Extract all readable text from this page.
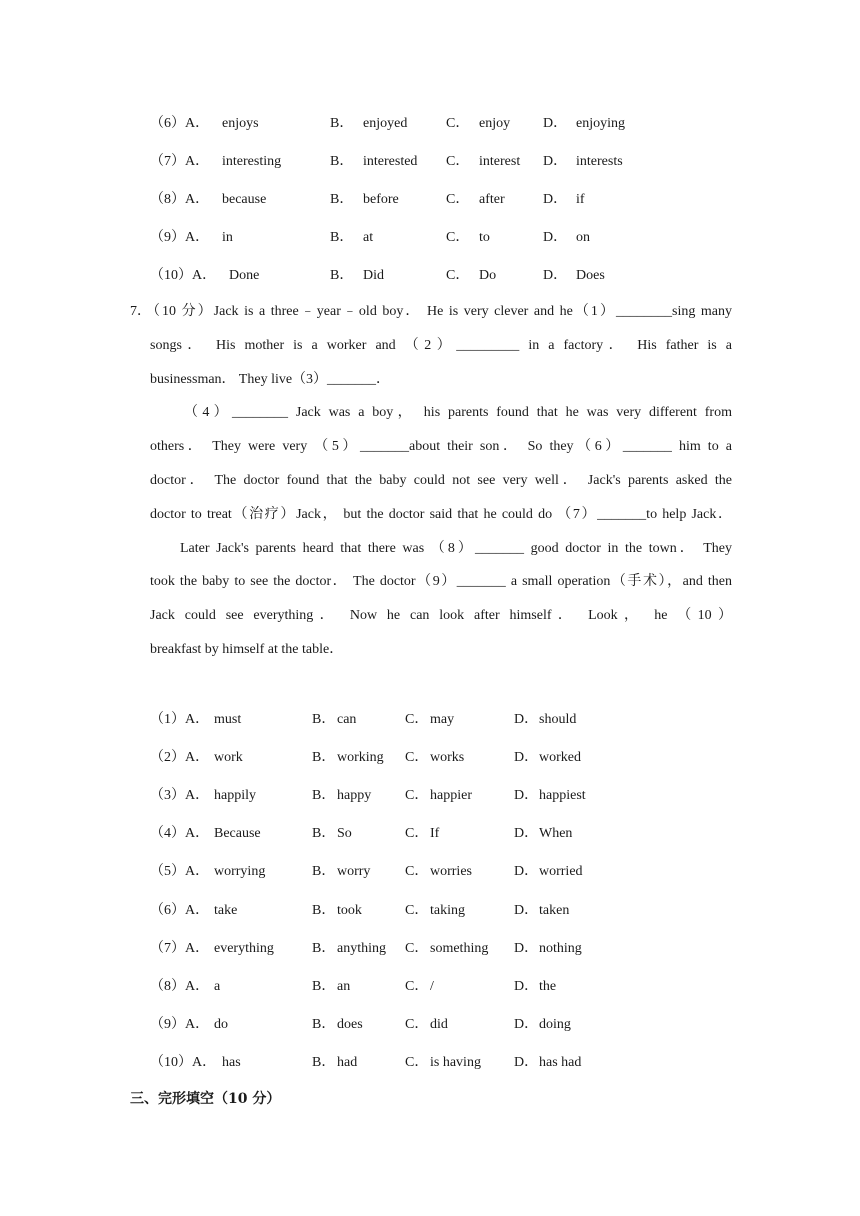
（6）A． enjoys	B． enjoyed	C． enjoy D． enjoying
（7）A． interesting	B． interested C． interest D． interests
（8）A． because	B． before	C． after	D． if
（9）A． in	B． at	C． to	D． on
（10）A． Done	B． Did	C． Do	D． Does
7．
（10 分）Jack is a three﹣year﹣old boy． He is very clever and he（1）________sing many
songs． His mother is a worker and （2）_________ in a factory． His father is a
businessman． They live（3）_______．
（4）________ Jack was a boy， his parents found that he was very different from
others． They were very （5）_______about their son． So they（6）_______ him to a
doctor． The doctor found that the baby could not see very well． Jack's parents asked the
doctor to treat（治疗）Jack， but the doctor said that he could do （7）_______to help Jack．
Later Jack's parents heard that there was （8）_______ good doctor in the town． They
took the baby to see the doctor． The doctor（9）_______ a small operation（手术），and then
Jack could see everything． Now he can look after himself． Look， he （10）
breakfast by himself at the table．
（1）A． must	B． can	C． may	D． should
（2）A． work	B． working C． works	D． worked
（3）A． happily	B． happy C． happier	D． happiest
（4）A． Because	B． So	C． If	D． When
（5）A． worrying	B． worry C． worries	D． worried
（6）A． take	B． took	C． taking	D． taken
（7）A． everything	B． anything C． something D． nothing
（8）A． a	B． an	C． /	D． the
（9）A． do	B． does	C． did	D． doing
（10）A． has	B． had	C． is having D． has had
三、完形填空（10 分）
